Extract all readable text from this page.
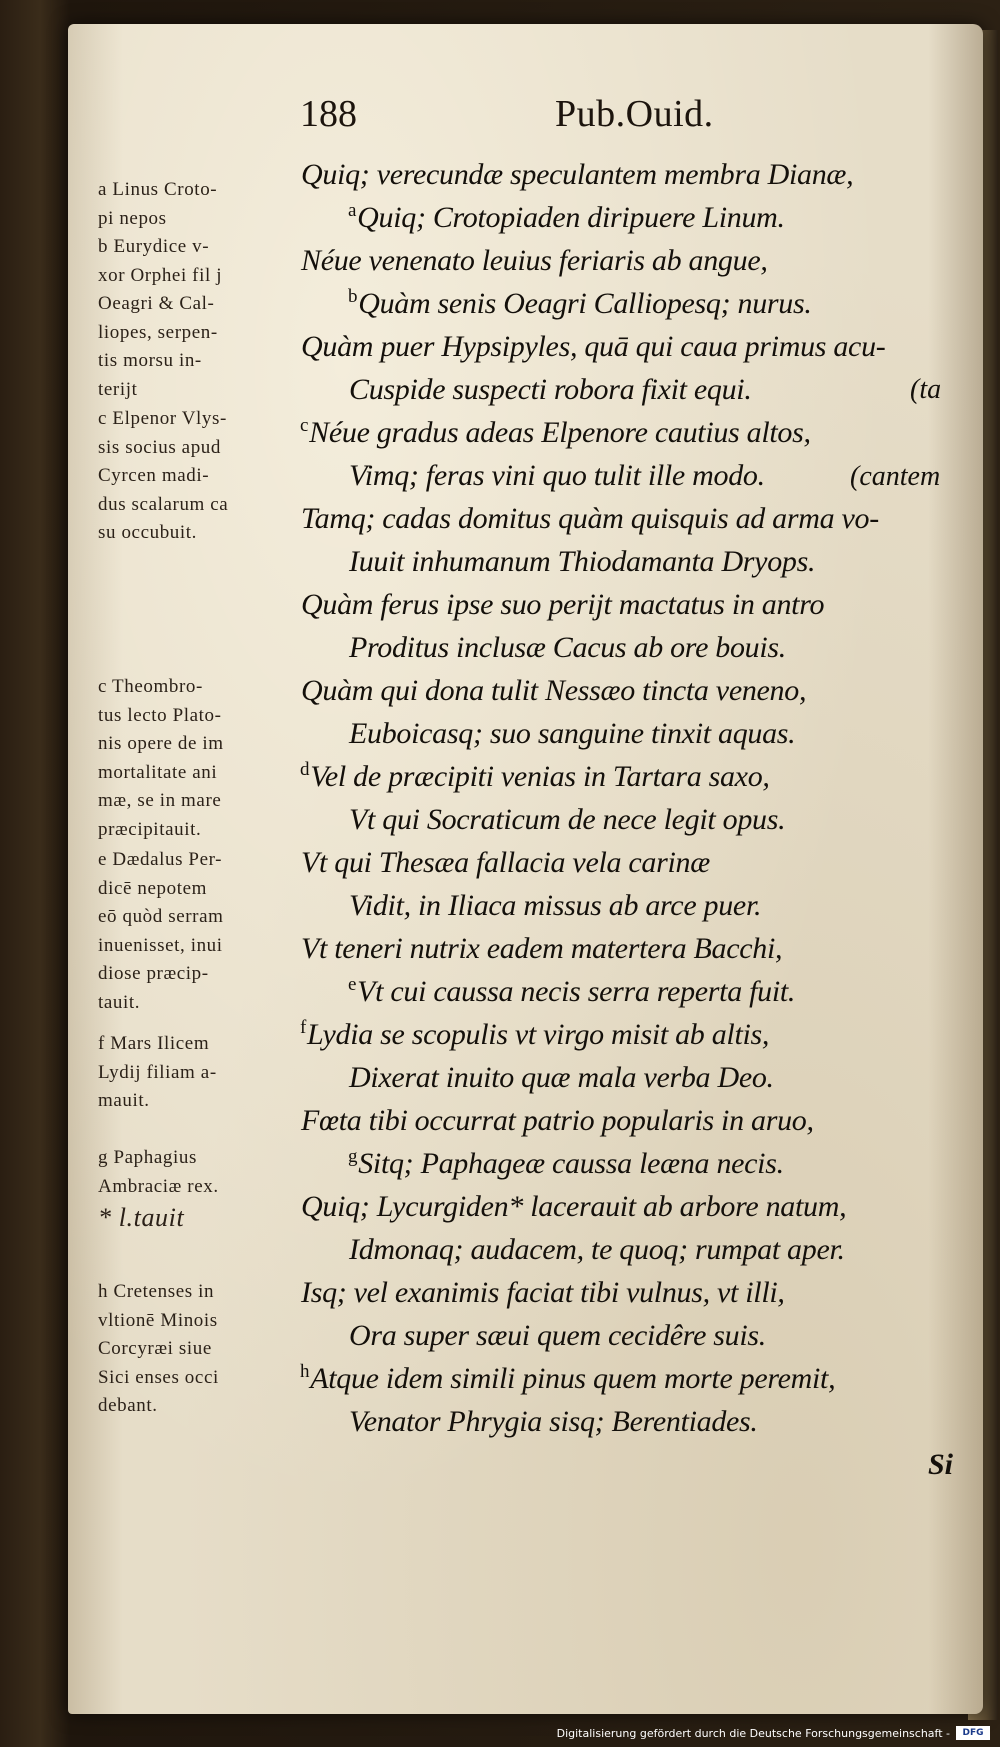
188	Pub.Ouid.
a Linus Croto-
pi nepos
b Eurydice v-
xor Orphei fil j
Oeagri & Cal-
liopes, serpen-
tis morsu in-
terijt
c Elpenor Vlys-
sis socius apud
Cyrcen madi-
dus scalarum ca
su occubuit.
c Theombro-
tus lecto Plato-
nis opere de im
mortalitate ani
mæ, se in mare
præcipitauit.
e Dædalus Per-
dicē nepotem
eō quòd serram
inuenisset, inui
diose præcip-
tauit.
f Mars Ilicem
Lydij filiam a-
mauit.
g Paphagius
Ambraciæ rex.
* l.tauit
h Cretenses in
vltionē Minois
Corcyræi siue
Sici enses occi
debant.
Quiq; verecundæ speculantem membra Dianæ,
$^a$Quiq; Crotopiaden diripuere Linum.
Néue venenato leuius feriaris ab angue,
$^b$Quàm senis Oeagri Calliopesq; nurus.
Quàm puer Hypsipyles, quā qui caua primus acu-
Cuspide suspecti robora fixit equi.
$^c$Néue gradus adeas Elpenore cautius altos,
Vimq; feras vini quo tulit ille modo.
Tamq; cadas domitus quàm quisquis ad arma vo-
Iuuit inhumanum Thiodamanta Dryops.
Quàm ferus ipse suo perijt mactatus in antro
Proditus inclusæ Cacus ab ore bouis.
Quàm qui dona tulit Nessæo tincta veneno,
Euboicasq; suo sanguine tinxit aquas.
$^d$Vel de præcipiti venias in Tartara saxo,
Vt qui Socraticum de nece legit opus.
Vt qui Thesæa fallacia vela carinæ
Vidit, in Iliaca missus ab arce puer.
Vt teneri nutrix eadem matertera Bacchi,
$^e$Vt cui caussa necis serra reperta fuit.
$^f$Lydia se scopulis vt virgo misit ab altis,
Dixerat inuito quæ mala verba Deo.
Fœta tibi occurrat patrio popularis in aruo,
$^g$Sitq; Paphageæ caussa leæna necis.
Quiq; Lycurgiden* lacerauit ab arbore natum,
Idmonaq; audacem, te quoq; rumpat aper.
Isq; vel exanimis faciat tibi vulnus, vt illi,
Ora super sæui quem cecidêre suis.
$^h$Atque idem simili pinus quem morte peremit,
Venator Phrygia sisq; Berentiades.
(ta
(cantem
Si
Digitalisierung gefördert durch die Deutsche Forschungsgemeinschaft -	DFG
